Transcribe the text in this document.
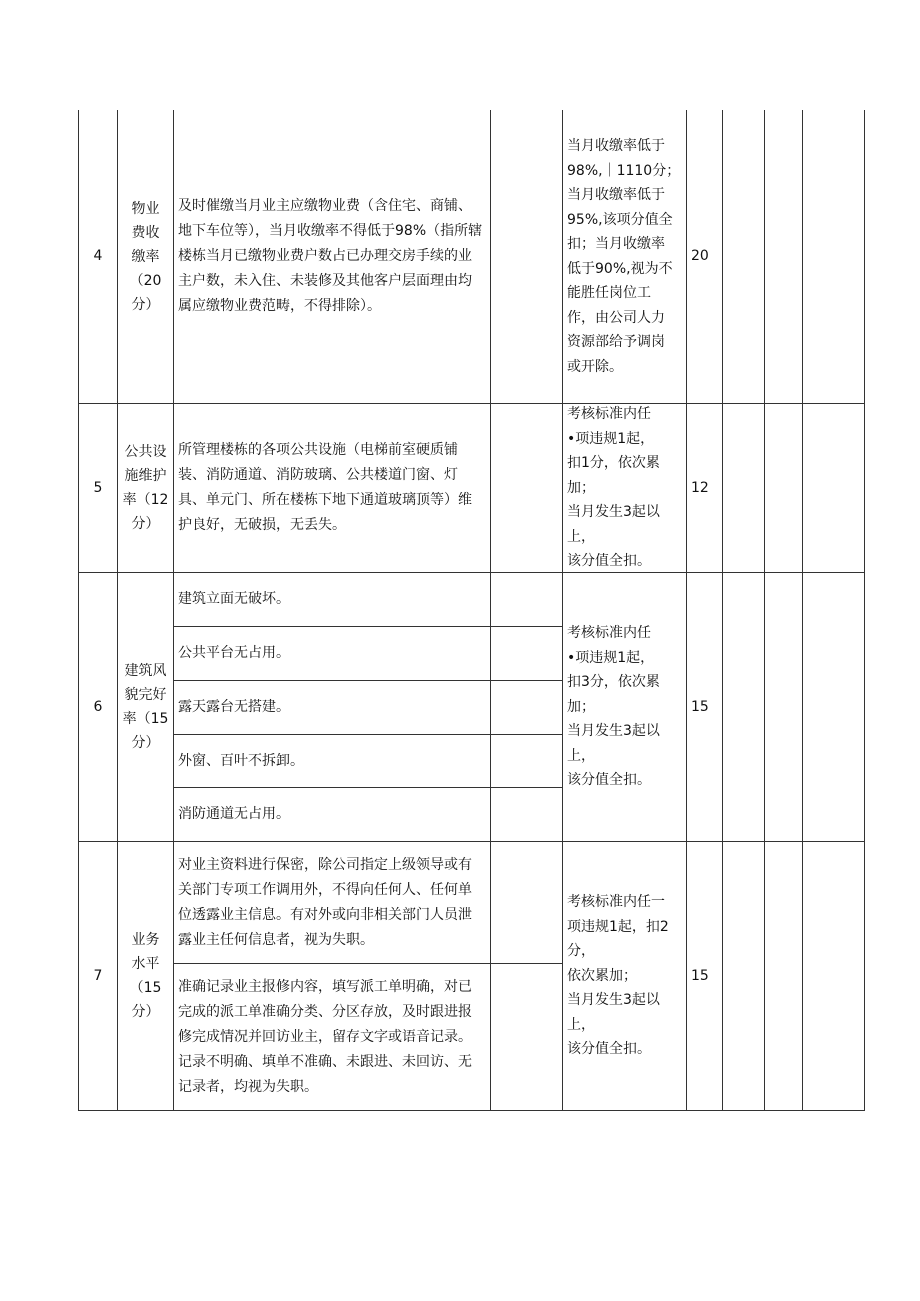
4
物业
费收
缴率
（20
分）
及时催缴当月业主应缴物业费（含住宅、商铺、地下车位等），当月收缴率不得低于98%（指所辖楼栋当月已缴物业费户数占已办理交房手续的业主户数，未入住、未装修及其他客户层面理由均属应缴物业费范畴，不得排除）。
当月收缴率低于
98%,｜1110分；
当月收缴率低于
95%,该项分值全
扣；当月收缴率
低于90%,视为不
能胜任岗位工
作，由公司人力
资源部给予调岗
或开除。
20
5
公共设
施维护
率（12
分）
所管理楼栋的各项公共设施（电梯前室硬质铺装、消防通道、消防玻璃、公共楼道门窗、灯具、单元门、所在楼栋下地下通道玻璃顶等）维护良好，无破损，无丢失。
考核标准内任
•项违规1起，
扣1分，依次累
加；
当月发生3起以上，
该分值全扣。
12
6
建筑风
貌完好
率（15
分）
建筑立面无破坏。
公共平台无占用。
露天露台无搭建。
外窗、百叶不拆卸。
消防通道无占用。
考核标准内任
•项违规1起，
扣3分，依次累
加；
当月发生3起以上，
该分值全扣。
15
7
业务
水平
（15
分）
对业主资料进行保密，除公司指定上级领导或有关部门专项工作调用外，不得向任何人、任何单位透露业主信息。有对外或向非相关部门人员泄露业主任何信息者，视为失职。
准确记录业主报修内容，填写派工单明确，对已完成的派工单准确分类、分区存放，及时跟进报修完成情况并回访业主，留存文字或语音记录。记录不明确、填单不准确、未跟进、未回访、无记录者，均视为失职。
考核标准内任一
项违规1起，扣2分，
依次累加；
当月发生3起以上，
该分值全扣。
15
